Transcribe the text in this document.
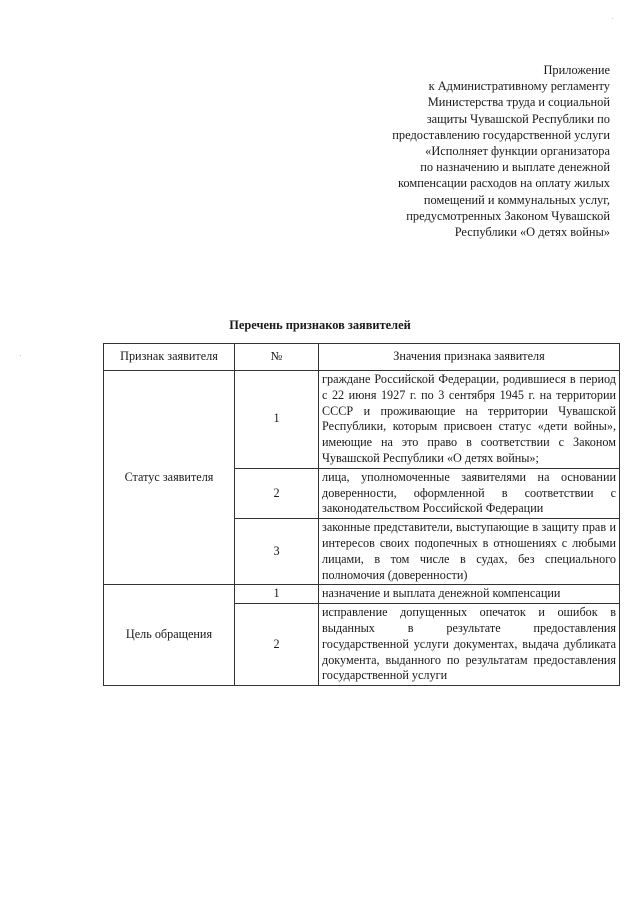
Приложение
к Административному регламенту
Министерства труда и социальной
защиты Чувашской Республики по
предоставлению государственной услуги
«Исполняет функции организатора
по назначению и выплате денежной
компенсации расходов на оплату жилых
помещений и коммунальных услуг,
предусмотренных Законом Чувашской
Республики «О детях войны»
Перечень признаков заявителей
Признак заявителя	№	Значения признака заявителя
Статус заявителя	1	граждане Российской Федерации, родившиеся в период с 22 июня 1927 г. по 3 сентября 1945 г. на территории СССР и проживающие на территории Чувашской Республики, которым присвоен статус «дети войны», имеющие на это право в соответствии с Законом Чувашской Республики «О детях войны»;
	2	лица, уполномоченные заявителями на основании доверенности, оформленной в соответствии с законодательством Российской Федерации
	3	законные представители, выступающие в защиту прав и интересов своих подопечных в отношениях с любыми лицами, в том числе в судах, без специального полномочия (доверенности)
Цель обращения	1	назначение и выплата денежной компенсации
	2	исправление допущенных опечаток и ошибок в выданных в результате предоставления государственной услуги документах, выдача дубликата документа, выданного по результатам предоставления государственной услуги
